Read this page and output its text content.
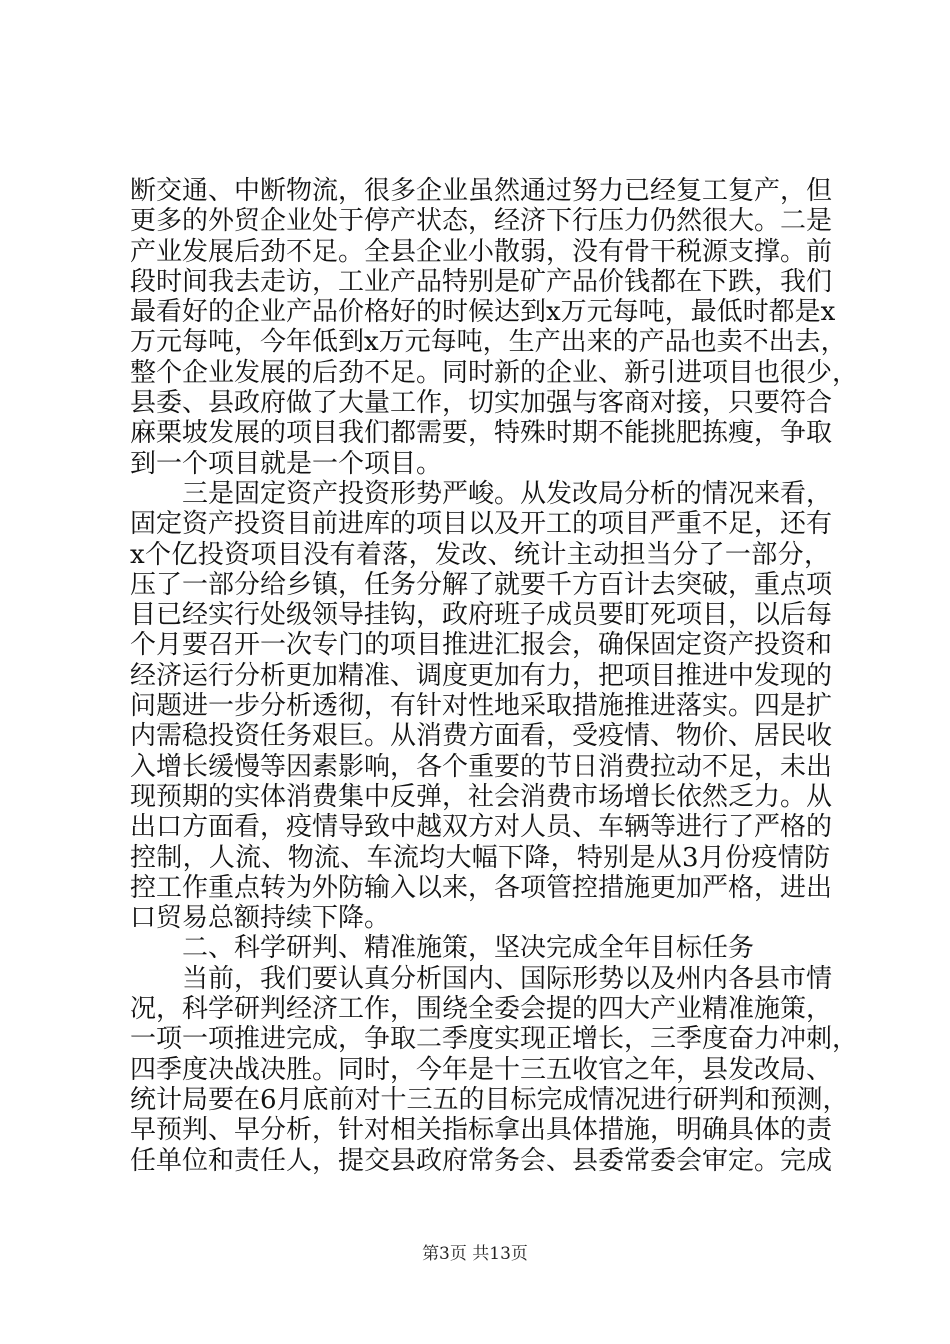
断交通、中断物流，很多企业虽然通过努力已经复工复产，但
更多的外贸企业处于停产状态，经济下行压力仍然很大。二是
产业发展后劲不足。全县企业小散弱，没有骨干税源支撑。前
段时间我去走访，工业产品特别是矿产品价钱都在下跌，我们
最看好的企业产品价格好的时候达到x万元每吨，最低时都是x
万元每吨，今年低到x万元每吨，生产出来的产品也卖不出去，
整个企业发展的后劲不足。同时新的企业、新引进项目也很少，
县委、县政府做了大量工作，切实加强与客商对接，只要符合
麻栗坡发展的项目我们都需要，特殊时期不能挑肥拣瘦，争取
到一个项目就是一个项目。
　　三是固定资产投资形势严峻。从发改局分析的情况来看，
固定资产投资目前进库的项目以及开工的项目严重不足，还有
x个亿投资项目没有着落，发改、统计主动担当分了一部分，
压了一部分给乡镇，任务分解了就要千方百计去突破，重点项
目已经实行处级领导挂钩，政府班子成员要盯死项目，以后每
个月要召开一次专门的项目推进汇报会，确保固定资产投资和
经济运行分析更加精准、调度更加有力，把项目推进中发现的
问题进一步分析透彻，有针对性地采取措施推进落实。四是扩
内需稳投资任务艰巨。从消费方面看，受疫情、物价、居民收
入增长缓慢等因素影响，各个重要的节日消费拉动不足，未出
现预期的实体消费集中反弹，社会消费市场增长依然乏力。从
出口方面看，疫情导致中越双方对人员、车辆等进行了严格的
控制，人流、物流、车流均大幅下降，特别是从3月份疫情防
控工作重点转为外防输入以来，各项管控措施更加严格，进出
口贸易总额持续下降。
　　二、科学研判、精准施策，坚决完成全年目标任务
　　当前，我们要认真分析国内、国际形势以及州内各县市情
况，科学研判经济工作，围绕全委会提的四大产业精准施策，
一项一项推进完成，争取二季度实现正增长，三季度奋力冲刺，
四季度决战决胜。同时，今年是十三五收官之年，县发改局、
统计局要在6月底前对十三五的目标完成情况进行研判和预测，
早预判、早分析，针对相关指标拿出具体措施，明确具体的责
任单位和责任人，提交县政府常务会、县委常委会审定。完成
第3页 共13页
